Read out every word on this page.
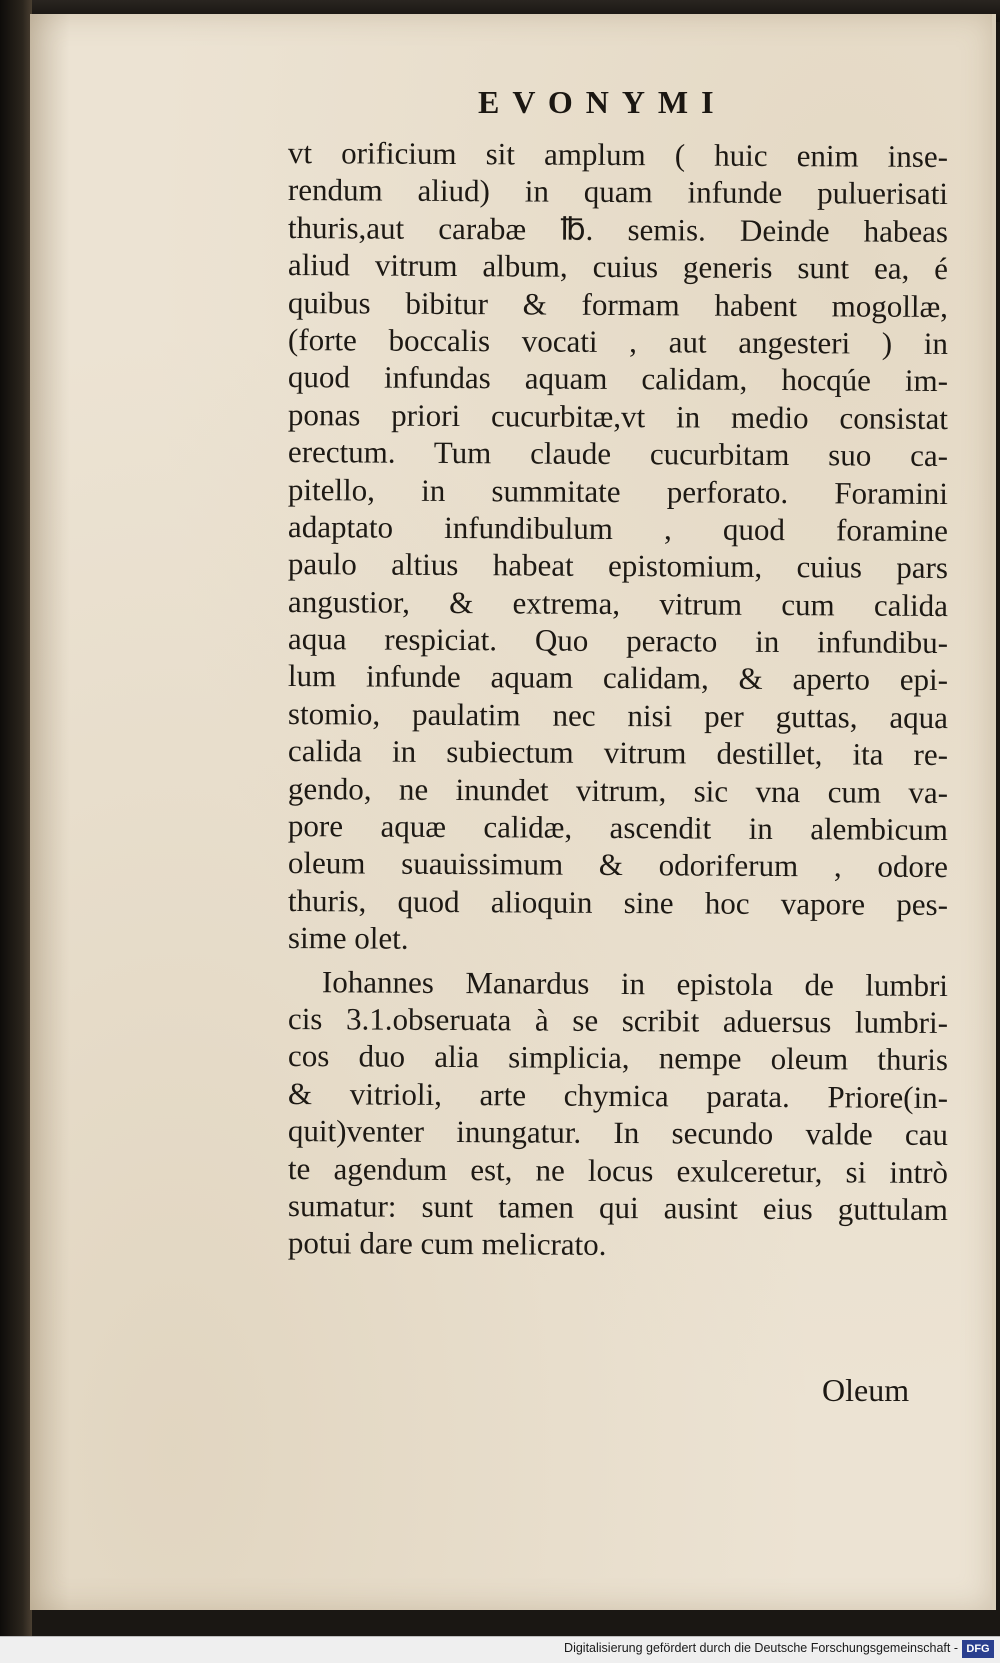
EVONYMI
vt orificium sit amplum ( huic enim inse-
rendum aliud) in quam infunde puluerisati
thuris,aut carabæ ℔. semis. Deinde habeas
aliud vitrum album, cuius generis sunt ea, é
quibus bibitur & formam habent mogollæ,
(forte boccalis vocati , aut angesteri ) in
quod infundas aquam calidam, hocqúe im-
ponas priori cucurbitæ,vt in medio consistat
erectum. Tum claude cucurbitam suo ca-
pitello, in summitate perforato. Foramini
adaptato infundibulum , quod foramine
paulo altius habeat epistomium, cuius pars
angustior, & extrema, vitrum cum calida
aqua respiciat. Quo peracto in infundibu-
lum infunde aquam calidam, & aperto epi-
stomio, paulatim nec nisi per guttas, aqua
calida in subiectum vitrum destillet, ita re-
gendo, ne inundet vitrum, sic vna cum va-
pore aquæ calidæ, ascendit in alembicum
oleum suauissimum & odoriferum , odore
thuris, quod alioquin sine hoc vapore pes-
sime olet.
Iohannes Manardus in epistola de lumbri
cis 3.1.obseruata à se scribit aduersus lumbri-
cos duo alia simplicia, nempe oleum thuris
& vitrioli, arte chymica parata. Priore(in-
quit)venter inungatur. In secundo valde cau
te agendum est, ne locus exulceretur, si intrò
sumatur: sunt tamen qui ausint eius guttulam
potui dare cum melicrato.
Oleum
Digitalisierung gefördert durch die Deutsche Forschungsgemeinschaft - DFG
